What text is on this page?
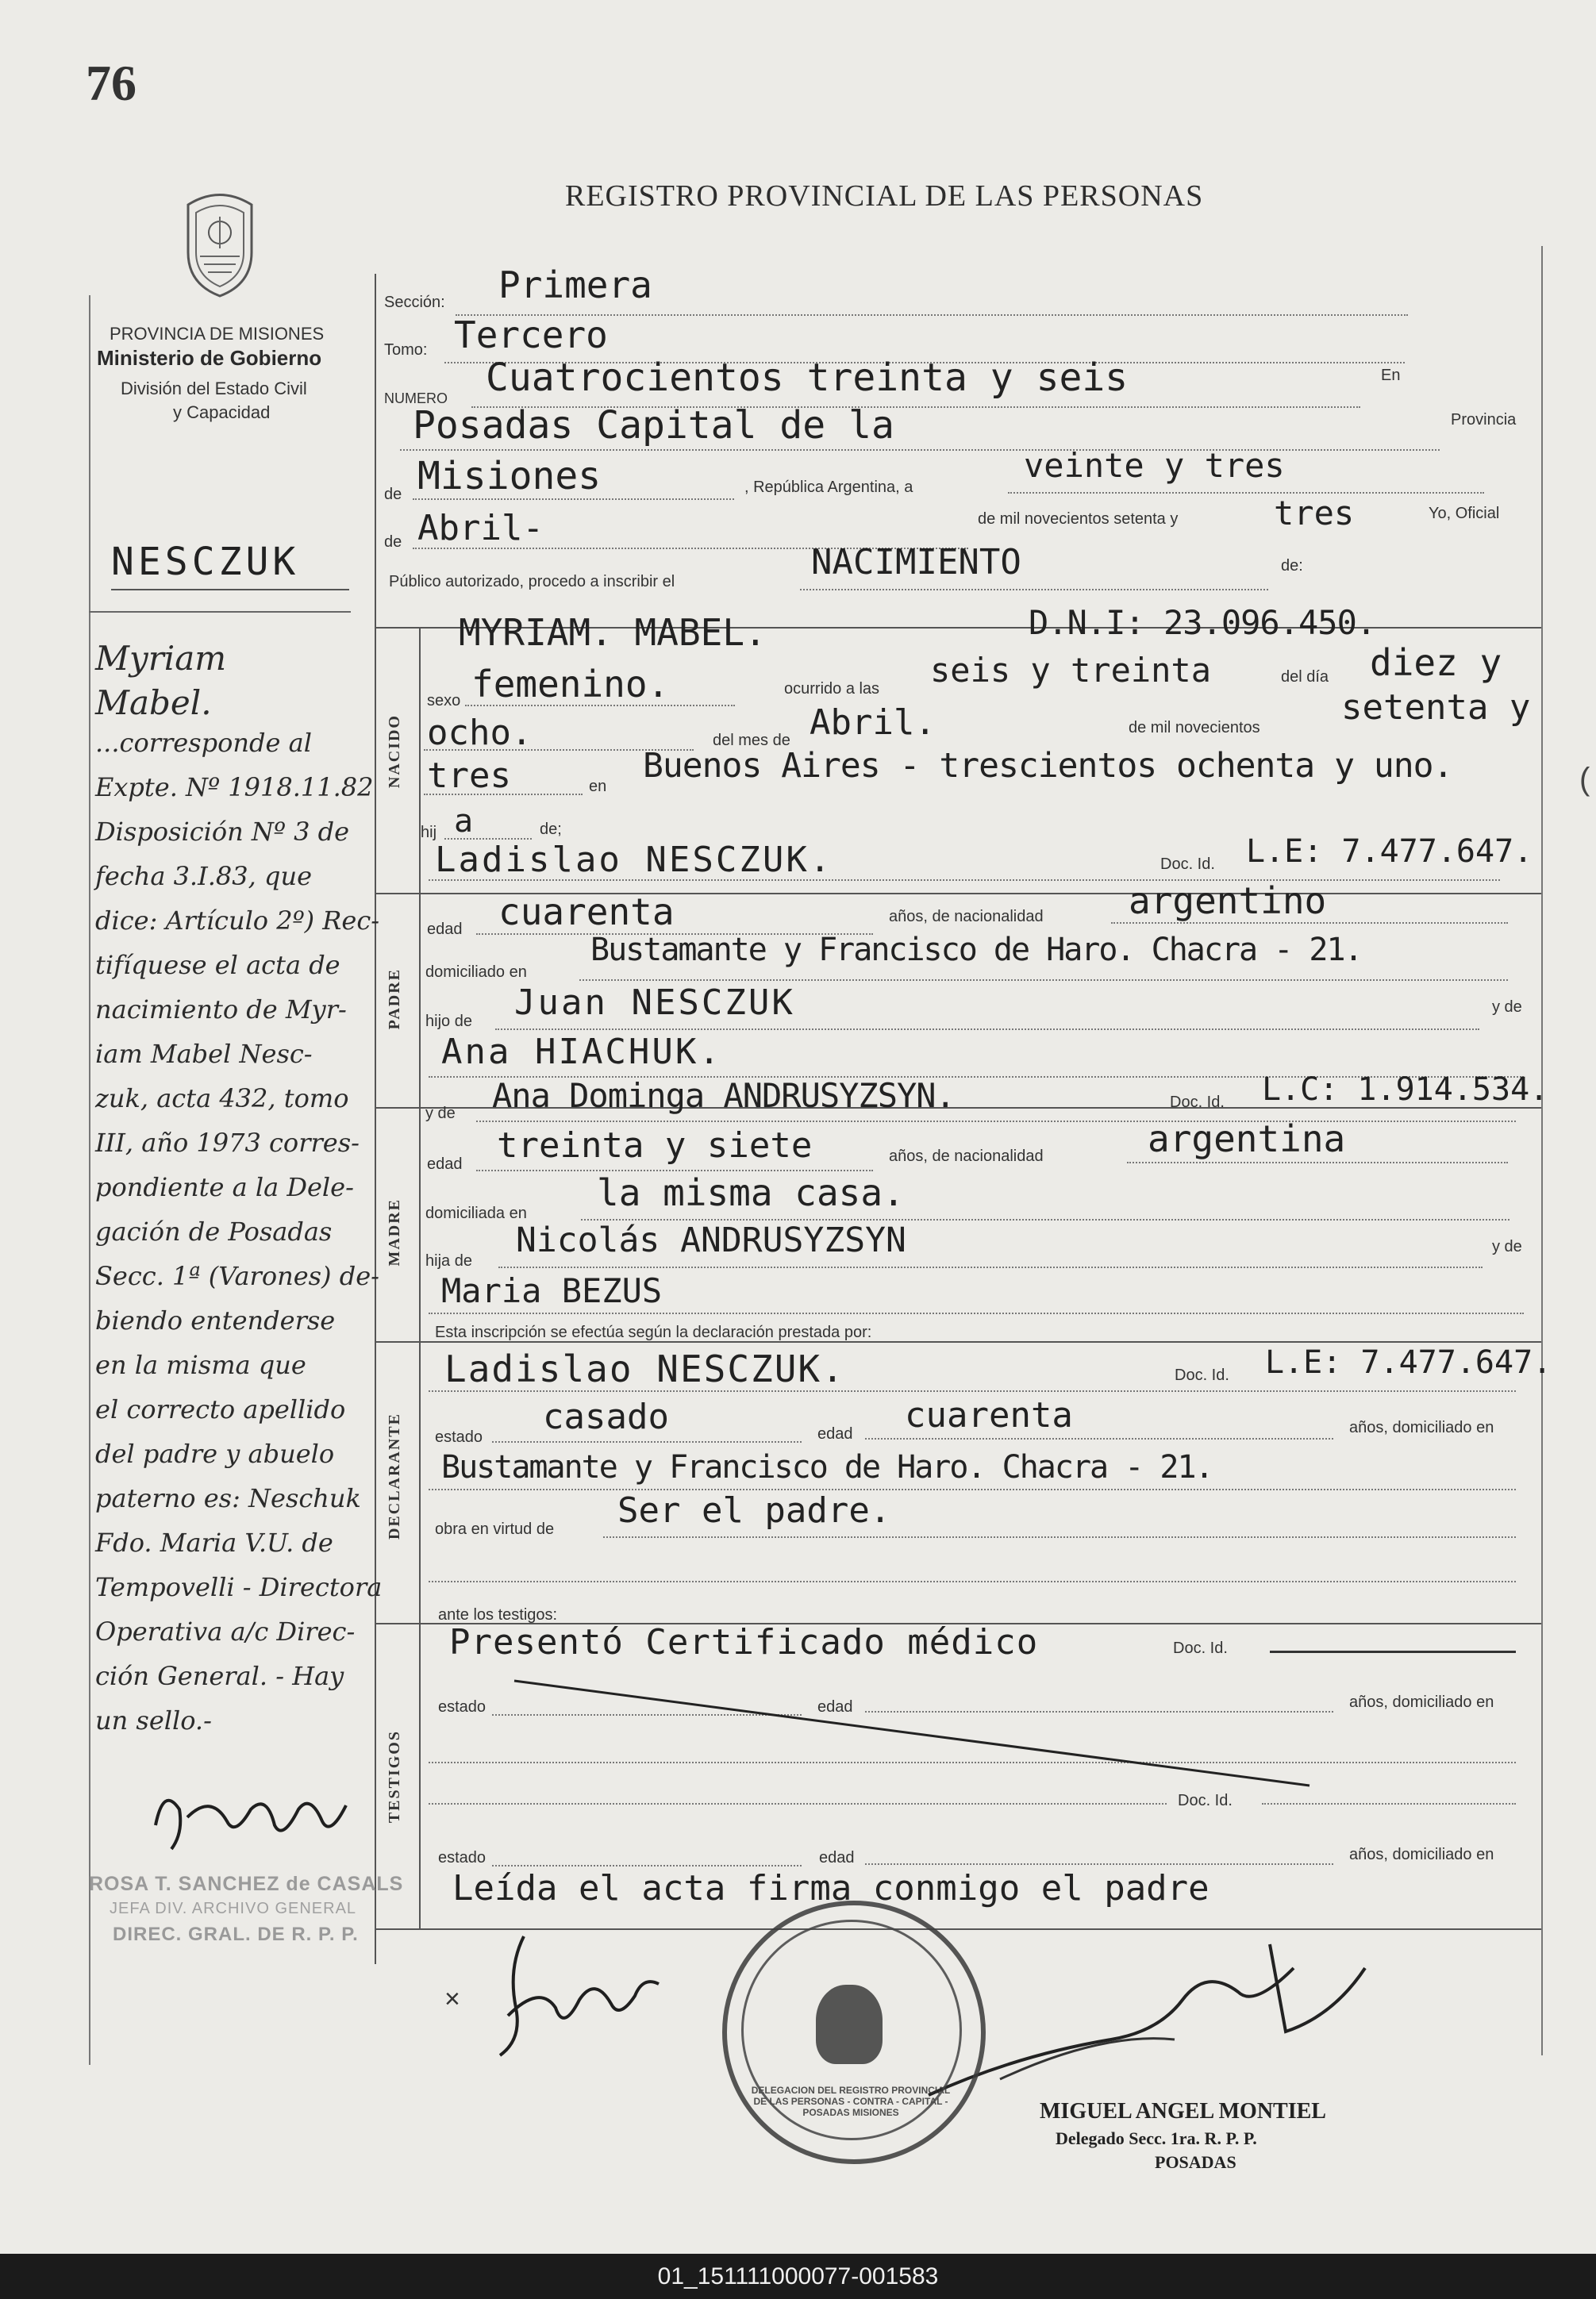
76
REGISTRO PROVINCIAL DE LAS PERSONAS
PROVINCIA DE MISIONES
Ministerio de Gobierno
División del Estado Civil
y Capacidad
NACIDO
PADRE
MADRE
DECLARANTE
TESTIGOS
Sección: Primera
Tomo: Tercero
NUMERO Cuatrocientos treinta y seis	En
Posadas Capital de la	Provincia
de Misiones	, República Argentina, a
veinte y tres
de Abril-	de mil novecientos setenta y	tres	Yo, Oficial
Público autorizado, procedo a inscribir el	NACIMIENTO	de:
MYRIAM. MABEL.	D.N.I: 23.096.450.
sexo femenino.	ocurrido a las seis y treinta	del día diez y
ocho.	del mes de Abril.	de mil novecientos setenta y
tres	en
Buenos Aires - trescientos ochenta y uno.
hij a	de;
Ladislao NESCZUK.	Doc. Id. L.E: 7.477.647.
edad cuarenta	años, de nacionalidad argentino
domiciliado en
Bustamante y Francisco de Haro. Chacra - 21.
hijo de Juan NESCZUK	y de
Ana HIACHUK.
y de Ana Dominga ANDRUSYZSYN.	Doc. Id. L.C: 1.914.534.
edad treinta y siete	años, de nacionalidad	argentina
domiciliada en la misma casa.
hija de
Nicolás ANDRUSYZSYN	y de
Maria BEZUS
Esta inscripción se efectúa según la declaración prestada por:
Ladislao NESCZUK.	Doc. Id. L.E: 7.477.647.
estado casado	edad cuarenta	años, domiciliado en
Bustamante y Francisco de Haro. Chacra - 21.
obra en virtud de Ser el padre.
ante los testigos:
Presentó Certificado médico	Doc. Id.
estado	edad	años, domiciliado en
Doc. Id.
estado	edad	años, domiciliado en
Leída el acta firma conmigo el padre
×
DELEGACION DEL REGISTRO PROVINCIAL DE LAS PERSONAS - CONTRA - CAPITAL - POSADAS MISIONES	MIGUEL ANGEL MONTIEL
Delegado Secc. 1ra. R. P. P.
POSADAS
NESCZUK
Myriam
Mabel.
...corresponde al
Expte. Nº 1918.11.82
Disposición Nº 3 de
fecha 3.I.83, que
dice: Artículo 2º) Rec-
tifíquese el acta de
nacimiento de Myr-
iam Mabel Nesc-
zuk, acta 432, tomo
III, año 1973 corres-
pondiente a la Dele-
gación de Posadas
Secc. 1ª (Varones) de-
biendo entenderse
en la misma que
el correcto apellido
del padre y abuelo
paterno es: Neschuk
Fdo. Maria V.U. de
Tempovelli - Directora
Operativa a/c Direc-
ción General. - Hay
un sello.-
ROSA T. SANCHEZ de CASALS
JEFA DIV. ARCHIVO GENERAL
DIREC. GRAL. DE R. P. P.
(
01_151111000077-001583
